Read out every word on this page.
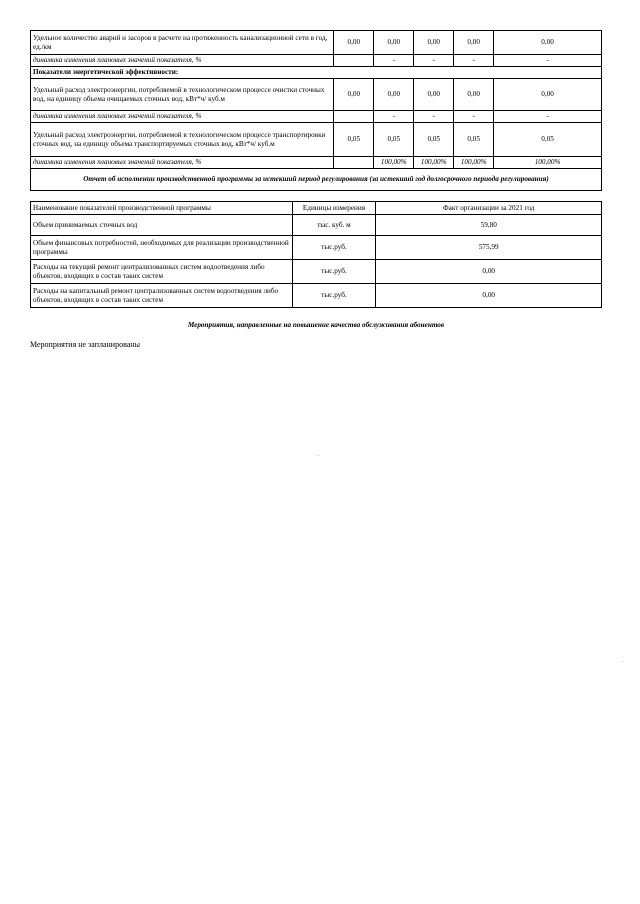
Удельное количество аварий и засоров в расчете на протяженность канализационной сети в год, ед./км	0,00	0,00	0,00	0,00	0,00
динамика изменения плановых значений показателя, %		-	-	-	-
Показатели энергетической эффективности:					
Удельный расход электроэнергии, потребляемой в технологическом процессе очистки сточных вод, на единицу объема очищаемых сточных вод, кВт*ч/ куб.м	0,00	0,00	0,00	0,00	0,00
динамика изменения плановых значений показателя, %		-	-	-	-
Удельный расход электроэнергии, потребляемой в технологическом процессе транспортировки сточных вод, на единицу объема транспортируемых сточных вод, кВт*ч/ куб.м	0,05	0,05	0,05	0,05	0,05
динамика изменения плановых значений показателя, %		100,00%	100,00%	100,00%	100,00%
Отчет об исполнении производственной программы за истекший период регулирования (за истекший год долгосрочного периода регулирования)					
Наименование показателей производственной программы	Единицы измерения	Факт организации за 2021 год
Объем принимаемых сточных вод	тыс. куб. м	59,80
Объем финансовых потребностей, необходимых для реализации производственной программы	тыс.руб.	575,99
Расходы на текущий ремонт централизованных систем водоотведения либо объектов, входящих в состав таких систем	тыс.руб.	0,00
Расходы на капитальный ремонт централизованных систем водоотведения либо объектов, входящих в состав таких систем	тыс.руб.	0,00
Мероприятия, направленные на повышение качества обслуживания абонентов
Мероприятия не запланированы
